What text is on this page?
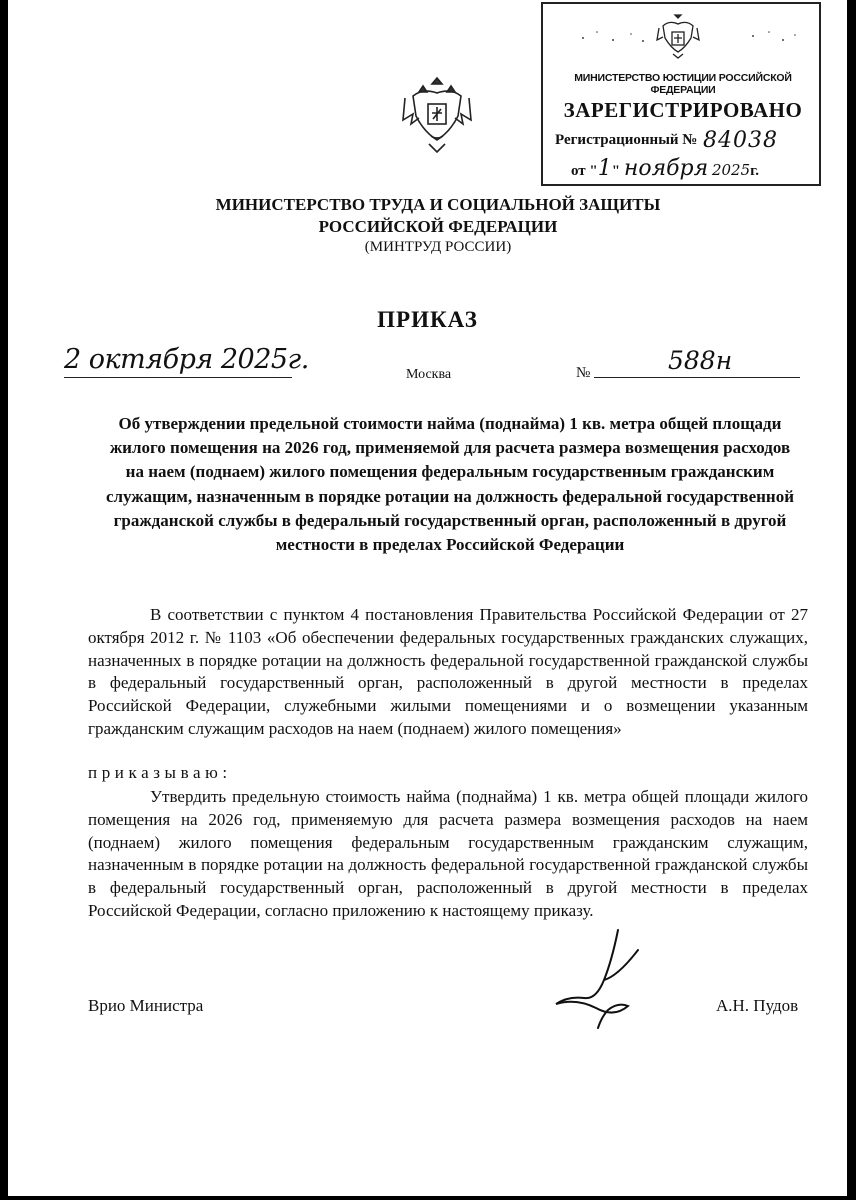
МИНИСТЕРСТВО ЮСТИЦИИ РОССИЙСКОЙ ФЕДЕРАЦИИ
ЗАРЕГИСТРИРОВАНО
Регистрационный № 84038
от "1" ноября 2025г.
МИНИСТЕРСТВО ТРУДА И СОЦИАЛЬНОЙ ЗАЩИТЫ
РОССИЙСКОЙ ФЕДЕРАЦИИ
(МИНТРУД РОССИИ)
ПРИКАЗ
2 октября 2025г.	Москва	№	588н
Об утверждении предельной стоимости найма (поднайма) 1 кв. метра общей площади жилого помещения на 2026 год, применяемой для расчета размера возмещения расходов на наем (поднаем) жилого помещения федеральным государственным гражданским служащим, назначенным в порядке ротации на должность федеральной государственной гражданской службы в федеральный государственный орган, расположенный в другой местности в пределах Российской Федерации
В соответствии с пунктом 4 постановления Правительства Российской Федерации от 27 октября 2012 г. № 1103 «Об обеспечении федеральных государственных гражданских служащих, назначенных в порядке ротации на должность федеральной государственной гражданской службы в федеральный государственный орган, расположенный в другой местности в пределах Российской Федерации, служебными жилыми помещениями и о возмещении указанным гражданским служащим расходов на наем (поднаем) жилого помещения»
приказываю:
Утвердить предельную стоимость найма (поднайма) 1 кв. метра общей площади жилого помещения на 2026 год, применяемую для расчета размера возмещения расходов на наем (поднаем) жилого помещения федеральным государственным гражданским служащим, назначенным в порядке ротации на должность федеральной государственной гражданской службы в федеральный государственный орган, расположенный в другой местности в пределах Российской Федерации, согласно приложению к настоящему приказу.
Врио Министра	А.Н. Пудов
